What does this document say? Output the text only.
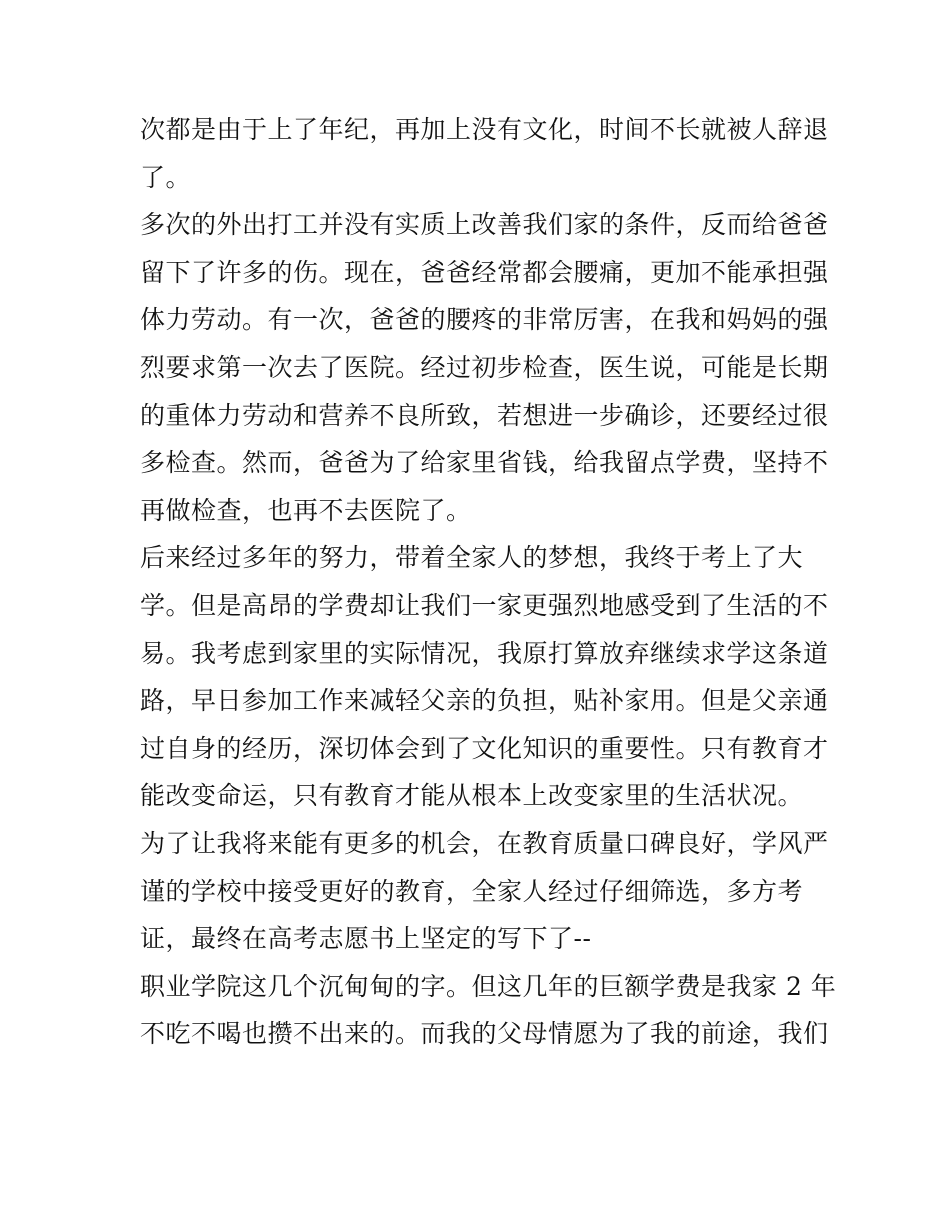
次都是由于上了年纪，再加上没有文化，时间不长就被人辞退
了。
多次的外出打工并没有实质上改善我们家的条件，反而给爸爸
留下了许多的伤。现在，爸爸经常都会腰痛，更加不能承担强
体力劳动。有一次，爸爸的腰疼的非常厉害，在我和妈妈的强
烈要求第一次去了医院。经过初步检查，医生说，可能是长期
的重体力劳动和营养不良所致，若想进一步确诊，还要经过很
多检查。然而，爸爸为了给家里省钱，给我留点学费，坚持不
再做检查，也再不去医院了。
后来经过多年的努力，带着全家人的梦想，我终于考上了大
学。但是高昂的学费却让我们一家更强烈地感受到了生活的不
易。我考虑到家里的实际情况，我原打算放弃继续求学这条道
路，早日参加工作来减轻父亲的负担，贴补家用。但是父亲通
过自身的经历，深切体会到了文化知识的重要性。只有教育才
能改变命运，只有教育才能从根本上改变家里的生活状况。
为了让我将来能有更多的机会，在教育质量口碑良好，学风严
谨的学校中接受更好的教育，全家人经过仔细筛选，多方考
证，最终在高考志愿书上坚定的写下了--
职业学院这几个沉甸甸的字。但这几年的巨额学费是我家 2 年
不吃不喝也攒不出来的。而我的父母情愿为了我的前途，我们
